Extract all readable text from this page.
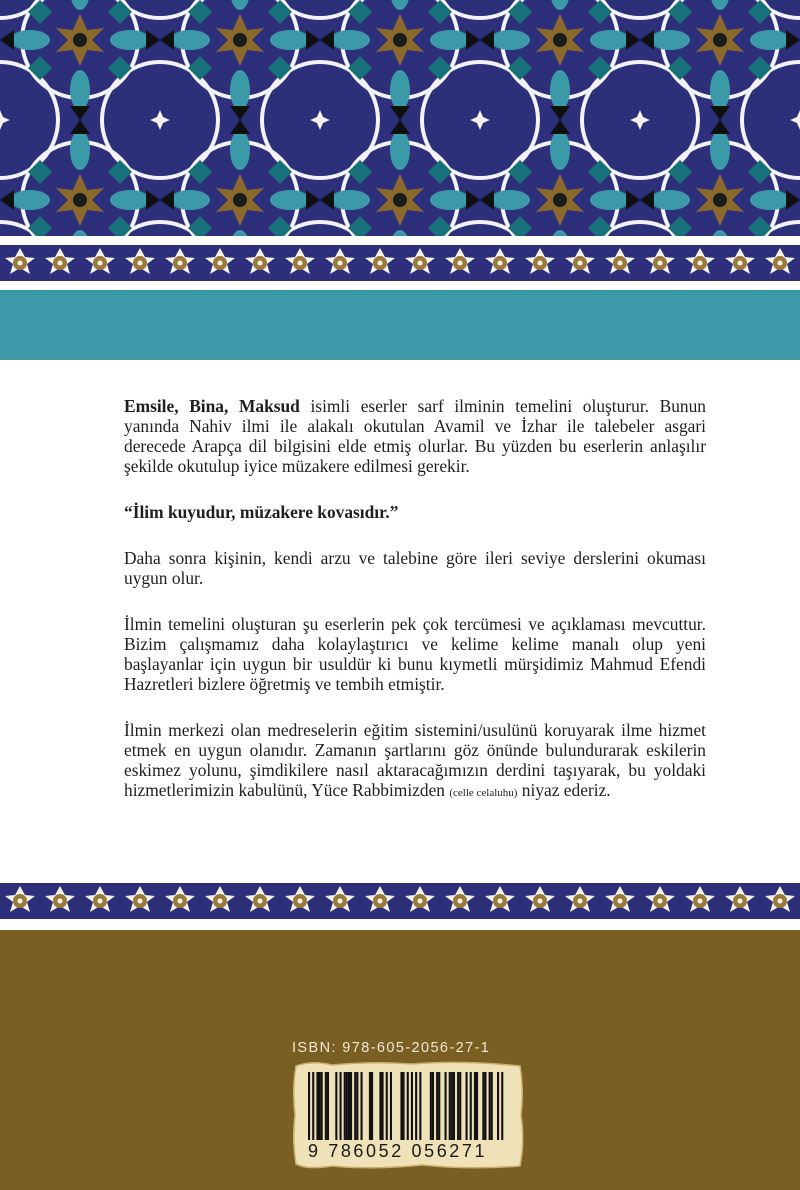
Emsile, Bina, Maksud isimli eserler sarf ilminin temelini oluşturur. Bunun yanında Nahiv ilmi ile alakalı okutulan Avamil ve İzhar ile talebeler asgari derecede Arapça dil bilgisini elde etmiş olurlar. Bu yüzden bu eserlerin anlaşılır şekilde okutulup iyice müzakere edilmesi gerekir.

“İlim kuyudur, müzakere kovasıdır.”

Daha sonra kişinin, kendi arzu ve talebine göre ileri seviye derslerini okuması uygun olur.

İlmin temelini oluşturan şu eserlerin pek çok tercümesi ve açıklaması mevcuttur. Bizim çalışmamız daha kolaylaştırıcı ve kelime kelime manalı olup yeni başlayanlar için uygun bir usuldür ki bunu kıymetli mürşidimiz Mahmud Efendi Hazretleri bizlere öğretmiş ve tembih etmiştir.

İlmin merkezi olan medreselerin eğitim sistemini/usulünü koruyarak ilme hizmet etmek en uygun olanıdır. Zamanın şartlarını göz önünde bulundurarak eskilerin eskimez yolunu, şimdikilere nasıl aktaracağımızın derdini taşıyarak, bu yoldaki hizmetlerimizin kabulünü, Yüce Rabbimizden (celle celaluhu) niyaz ederiz.

ISBN: 978-605-2056-27-1
9 786052 056271
